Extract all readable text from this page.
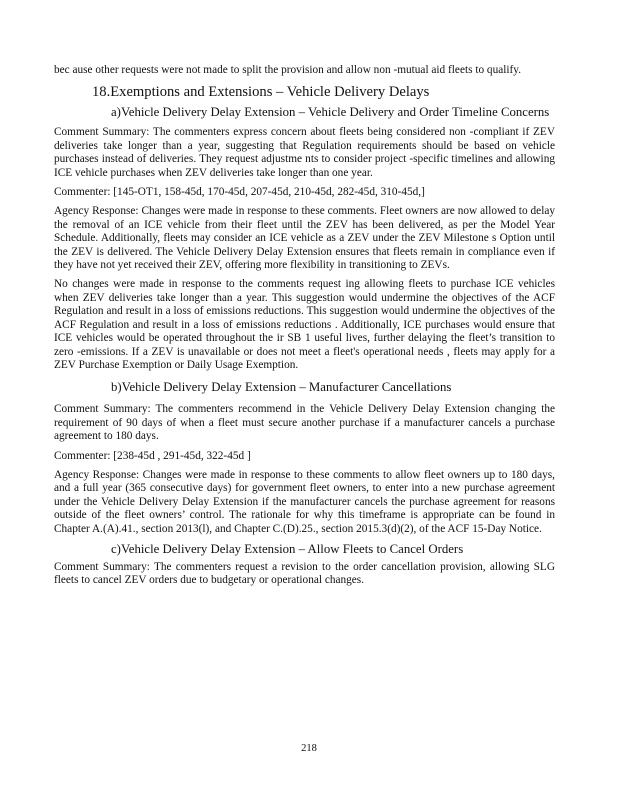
bec ause other requests were not made to split the provision and allow non -mutual aid fleets to qualify.

18.Exemptions and Extensions – Vehicle Delivery Delays
a)Vehicle Delivery Delay Extension – Vehicle Delivery and Order Timeline Concerns

Comment Summary: The commenters express concern about fleets being considered non -compliant if ZEV deliveries take longer than a year, suggesting that Regulation requirements should be based on vehicle purchases instead of deliveries. They request adjustme nts to consider project -specific timelines and allowing ICE vehicle purchases when ZEV deliveries take longer than one year.

Commenter: [145-OT1, 158-45d, 170-45d, 207-45d, 210-45d, 282-45d, 310-45d,]

Agency Response: Changes were made in response to these comments. Fleet owners are now allowed to delay the removal of an ICE vehicle from their fleet until the ZEV has been delivered, as per the Model Year Schedule. Additionally, fleets may consider an ICE vehicle as a ZEV under the ZEV Milestone s Option until the ZEV is delivered. The Vehicle Delivery Delay Extension ensures that fleets remain in compliance even if they have not yet received their ZEV, offering more flexibility in transitioning to ZEVs.

No changes were made in response to the comments request ing allowing fleets to purchase ICE vehicles when ZEV deliveries take longer than a year. This suggestion would undermine the objectives of the ACF Regulation and result in a loss of emissions reductions. This suggestion would undermine the objectives of the ACF Regulation and result in a loss of emissions reductions . Additionally, ICE purchases would ensure that ICE vehicles would be operated throughout the ir SB 1 useful lives, further delaying the fleet’s transition to zero -emissions. If a ZEV is unavailable or does not meet a fleet's operational needs , fleets may apply for a ZEV Purchase Exemption or Daily Usage Exemption.

b)Vehicle Delivery Delay Extension – Manufacturer Cancellations

Comment Summary: The commenters recommend in the Vehicle Delivery Delay Extension changing the requirement of 90 days of when a fleet must secure another purchase if a manufacturer cancels a purchase agreement to 180 days.

Commenter: [238-45d , 291-45d, 322-45d ]

Agency Response: Changes were made in response to these comments to allow fleet owners up to 180 days, and a full year (365 consecutive days) for government fleet owners, to enter into a new purchase agreement under the Vehicle Delivery Delay Extension if the manufacturer cancels the purchase agreement for reasons outside of the fleet owners’ control. The rationale for why this timeframe is appropriate can be found in Chapter A.(A).41., section 2013(l), and Chapter C.(D).25., section 2015.3(d)(2), of the ACF 15-Day Notice.

c)Vehicle Delivery Delay Extension – Allow Fleets to Cancel Orders

Comment Summary: The commenters request a revision to the order cancellation provision, allowing SLG fleets to cancel ZEV orders due to budgetary or operational changes.

218
